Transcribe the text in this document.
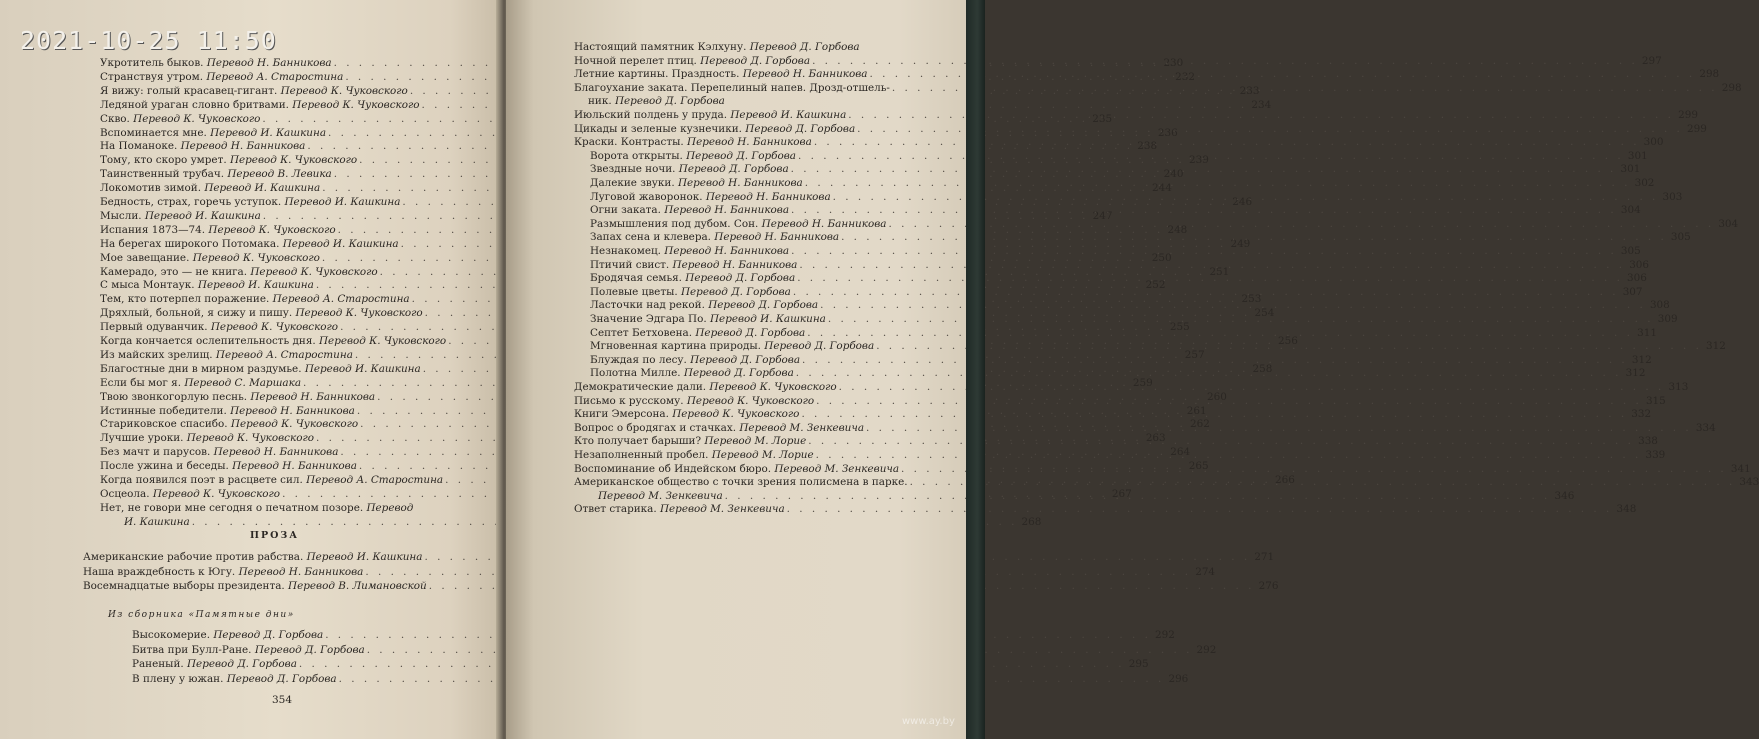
Укротитель быков. Перевод Н. Банникова . . .	230
Странствуя утром. Перевод А. Старостина . . .	232
Я вижу: голый красавец-гигант. Перевод К. Чуковского . . .	233
Ледяной ураган словно бритвами. Перевод К. Чуковского . . .	234
Скво. Перевод К. Чуковского . . .	235
Вспоминается мне. Перевод И. Кашкина . . .	236
На Поманоке. Перевод Н. Банникова . . .	238
Тому, кто скоро умрет. Перевод К. Чуковского . . .	239
Таинственный трубач. Перевод В. Левика . . .	240
Локомотив зимой. Перевод И. Кашкина . . .	244
Бедность, страх, горечь уступок. Перевод И. Кашкина . . .	246
Мысли. Перевод И. Кашкина . . .	247
Испания 1873—74. Перевод К. Чуковского . . .	248
На берегах широкого Потомака. Перевод И. Кашкина . . .	249
Мое завещание. Перевод К. Чуковского . . .	250
Камерадо, это — не книга. Перевод К. Чуковского . . .	251
С мыса Монтаук. Перевод И. Кашкина . . .	252
Тем, кто потерпел поражение. Перевод А. Старостина . . .	253
Дряхлый, больной, я сижу и пишу. Перевод К. Чуковского . . .	254
Первый одуванчик. Перевод К. Чуковского . . .	255
Когда кончается ослепительность дня. Перевод К. Чуковского . . .	256
Из майских зрелищ. Перевод А. Старостина . . .	257
Благостные дни в мирном раздумье. Перевод И. Кашкина . . .	258
Если бы мог я. Перевод С. Маршака . . .	259
Твою звонкогорлую песнь. Перевод Н. Банникова . . .	260
Истинные победители. Перевод Н. Банникова . . .	261
Стариковское спасибо. Перевод К. Чуковского . . .	262
Лучшие уроки. Перевод К. Чуковского . . .	263
Без мачт и парусов. Перевод Н. Банникова . . .	264
После ужина и беседы. Перевод Н. Банникова . . .	265
Когда появился поэт в расцвете сил. Перевод А. Старостина . . .	266
Осцеола. Перевод К. Чуковского . . .	267
Нет, не говори мне сегодня о печатном позоре. Перевод
И. Кашкина . . .	268
ПРОЗА
Американские рабочие против рабства. Перевод И. Кашкина . . .	271
Наша враждебность к Югу. Перевод Н. Банникова . . .	274
Восемнадцатые выборы президента. Перевод В. Лимановской . . .	276
Из сборника «Памятные дни»
Высокомерие. Перевод Д. Горбова . . .	292
Битва при Булл-Ране. Перевод Д. Горбова . . .	292
Раненый. Перевод Д. Горбова . . .	295
В плену у южан. Перевод Д. Горбова . . .	296
354
Настоящий памятник Кэлхуну. Перевод Д. Горбова
Ночной перелет птиц. Перевод Д. Горбова . . .	297
Летние картины. Праздность. Перевод Н. Банникова . . .	298
Благоухание заката. Перепелиный напев. Дрозд-отшель- . . .	298
ник. Перевод Д. Горбова
Июльский полдень у пруда. Перевод И. Кашкина . . .	299
Цикады и зеленые кузнечики. Перевод Д. Горбова . . .	299
Краски. Контрасты. Перевод Н. Банникова . . .	300
Ворота открыты. Перевод Д. Горбова . . .	301
Звездные ночи. Перевод Д. Горбова . . .	301
Далекие звуки. Перевод Н. Банникова . . .	302
Луговой жаворонок. Перевод Н. Банникова . . .	303
Огни заката. Перевод Н. Банникова . . .	304
Размышления под дубом. Сон. Перевод Н. Банникова . . .	304
Запах сена и клевера. Перевод Н. Банникова . . .	305
Незнакомец. Перевод Н. Банникова . . .	305
Птичий свист. Перевод Н. Банникова . . .	306
Бродячая семья. Перевод Д. Горбова . . .	306
Полевые цветы. Перевод Д. Горбова . . .	307
Ласточки над рекой. Перевод Д. Горбова . . .	308
Значение Эдгара По. Перевод И. Кашкина . . .	309
Септет Бетховена. Перевод Д. Горбова . . .	311
Мгновенная картина природы. Перевод Д. Горбова . . .	312
Блуждая по лесу. Перевод Д. Горбова . . .	312
Полотна Милле. Перевод Д. Горбова . . .	312
Демократические дали. Перевод К. Чуковского . . .	313
Письмо к русскому. Перевод К. Чуковского . . .	315
Книги Эмерсона. Перевод К. Чуковского . . .	332
Вопрос о бродягах и стачках. Перевод М. Зенкевича . . .	334
Кто получает барыши? Перевод М. Лорие . . .	338
Незаполненный пробел. Перевод М. Лорие . . .	339
Воспоминание об Индейском бюро. Перевод М. Зенкевича . . .	341
Американское общество с точки зрения полисмена в парке. . . .	343
Перевод М. Зенкевича . . .	346
Ответ старика. Перевод М. Зенкевича . . .	348
2021-10-25 11:50
www.ay.by
